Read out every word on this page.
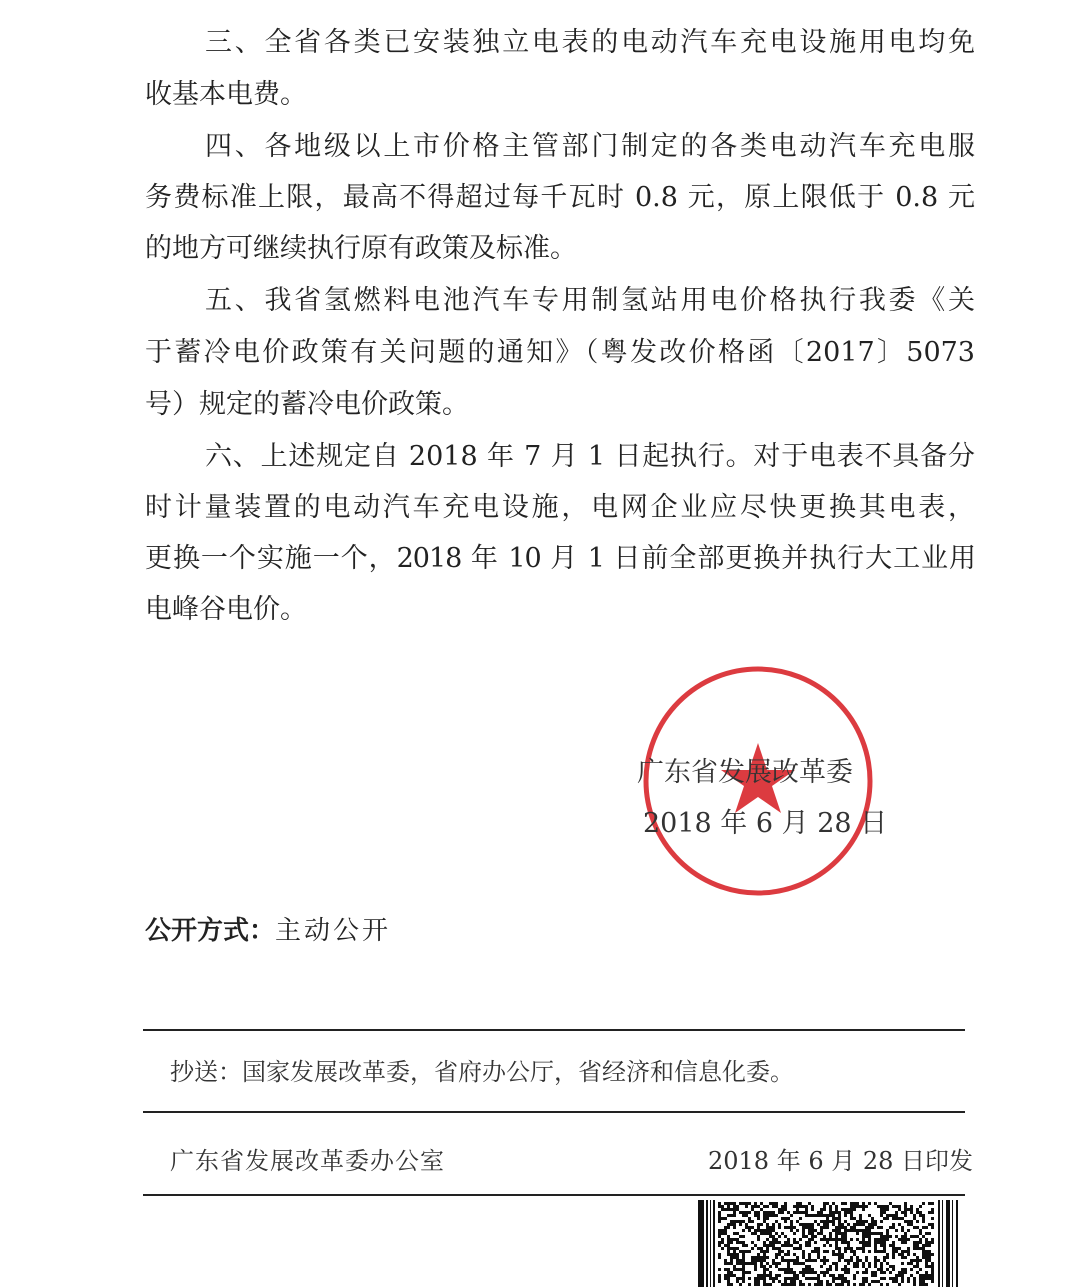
三、全省各类已安装独立电表的电动汽车充电设施用电均免
收基本电费。
四、各地级以上市价格主管部门制定的各类电动汽车充电服
务费标准上限，最高不得超过每千瓦时 0.8 元，原上限低于 0.8 元
的地方可继续执行原有政策及标准。
五、我省氢燃料电池汽车专用制氢站用电价格执行我委《关
于蓄冷电价政策有关问题的通知》（粤发改价格函〔2017〕5073
号）规定的蓄冷电价政策。
六、上述规定自 2018 年 7 月 1 日起执行。对于电表不具备分
时计量装置的电动汽车充电设施，电网企业应尽快更换其电表，
更换一个实施一个，2018 年 10 月 1 日前全部更换并执行大工业用
电峰谷电价。
广东省发展改革委
2018 年 6 月 28 日
公开方式：主动公开
抄送：国家发展改革委，省府办公厅，省经济和信息化委。
广东省发展改革委办公室	2018 年 6 月 28 日印发
